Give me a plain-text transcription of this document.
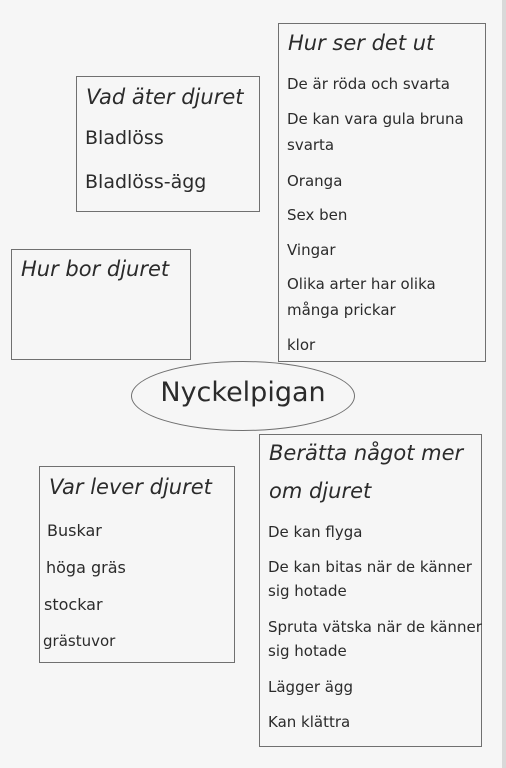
Vad äter djuret
Bladlöss
Bladlöss-ägg
Hur ser det ut
De är röda och svarta
De kan vara gula bruna
svarta
Oranga
Sex ben
Vingar
Olika arter har olika
många prickar
klor
Hur bor djuret
Nyckelpigan
Var lever djuret
Buskar
höga gräs
stockar
grästuvor
Berätta något mer
om djuret
De kan flyga
De kan bitas när de känner
sig hotade
Spruta vätska när de känner
sig hotade
Lägger ägg
Kan klättra
